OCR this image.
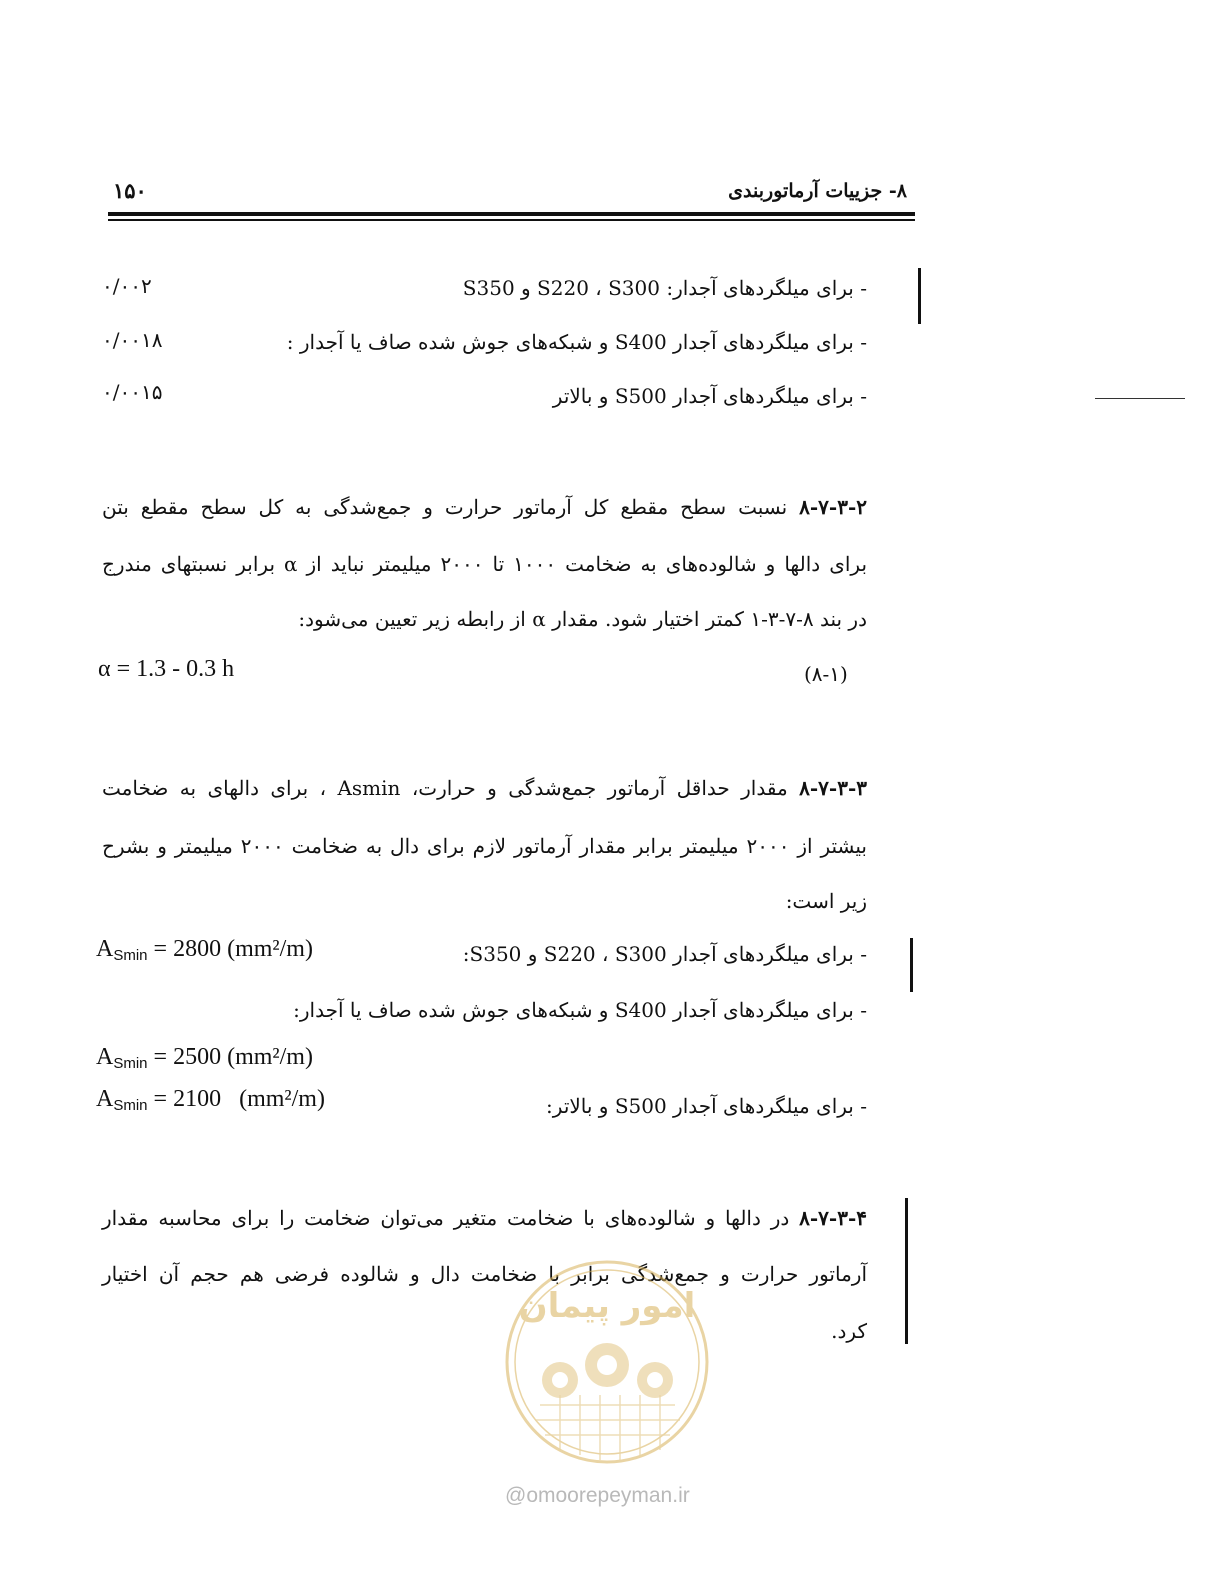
۸- جزییات آرماتوربندی
۱۵۰
- برای میلگردهای آجدار: S220 ، S300 و S350
۰/۰۰۲
- برای میلگردهای آجدار S400 و شبکه‌های جوش شده صاف یا آجدار :
۰/۰۰۱۸
- برای میلگردهای آجدار S500 و بالاتر
۰/۰۰۱۵
۸-۷-۳-۲ نسبت سطح مقطع کل آرماتور حرارت و جمع‌شدگی به کل سطح مقطع بتن
برای دالها و شالوده‌های به ضخامت ۱۰۰۰ تا ۲۰۰۰ میلیمتر نباید از α برابر نسبتهای مندرج
در بند ۸-۷-۳-۱ کمتر اختیار شود. مقدار α از رابطه زیر تعیین می‌شود:
α = 1.3 - 0.3 h	(۸-۱)
۸-۷-۳-۳ مقدار حداقل آرماتور جمع‌شدگی و حرارت، Asmin ، برای دالهای به ضخامت
بیشتر از ۲۰۰۰ میلیمتر برابر مقدار آرماتور لازم برای دال به ضخامت ۲۰۰۰ میلیمتر و بشرح
زیر است:
- برای میلگردهای آجدار S220 ، S300 و S350:
$A_{Smin} = 2800$ (mm²/m)
- برای میلگردهای آجدار S400 و شبکه‌های جوش شده صاف یا آجدار:
$A_{Smin} = 2500$ (mm²/m)
- برای میلگردهای آجدار S500 و بالاتر:
$A_{Smin} = 2100$ (mm²/m)
۸-۷-۳-۴ در دالها و شالوده‌های با ضخامت متغیر می‌توان ضخامت را برای محاسبه مقدار
آرماتور حرارت و جمع‌شدگی برابر با ضخامت دال و شالوده فرضی هم حجم آن اختیار
کرد.
امور پیمان
@omoorepeyman.ir
